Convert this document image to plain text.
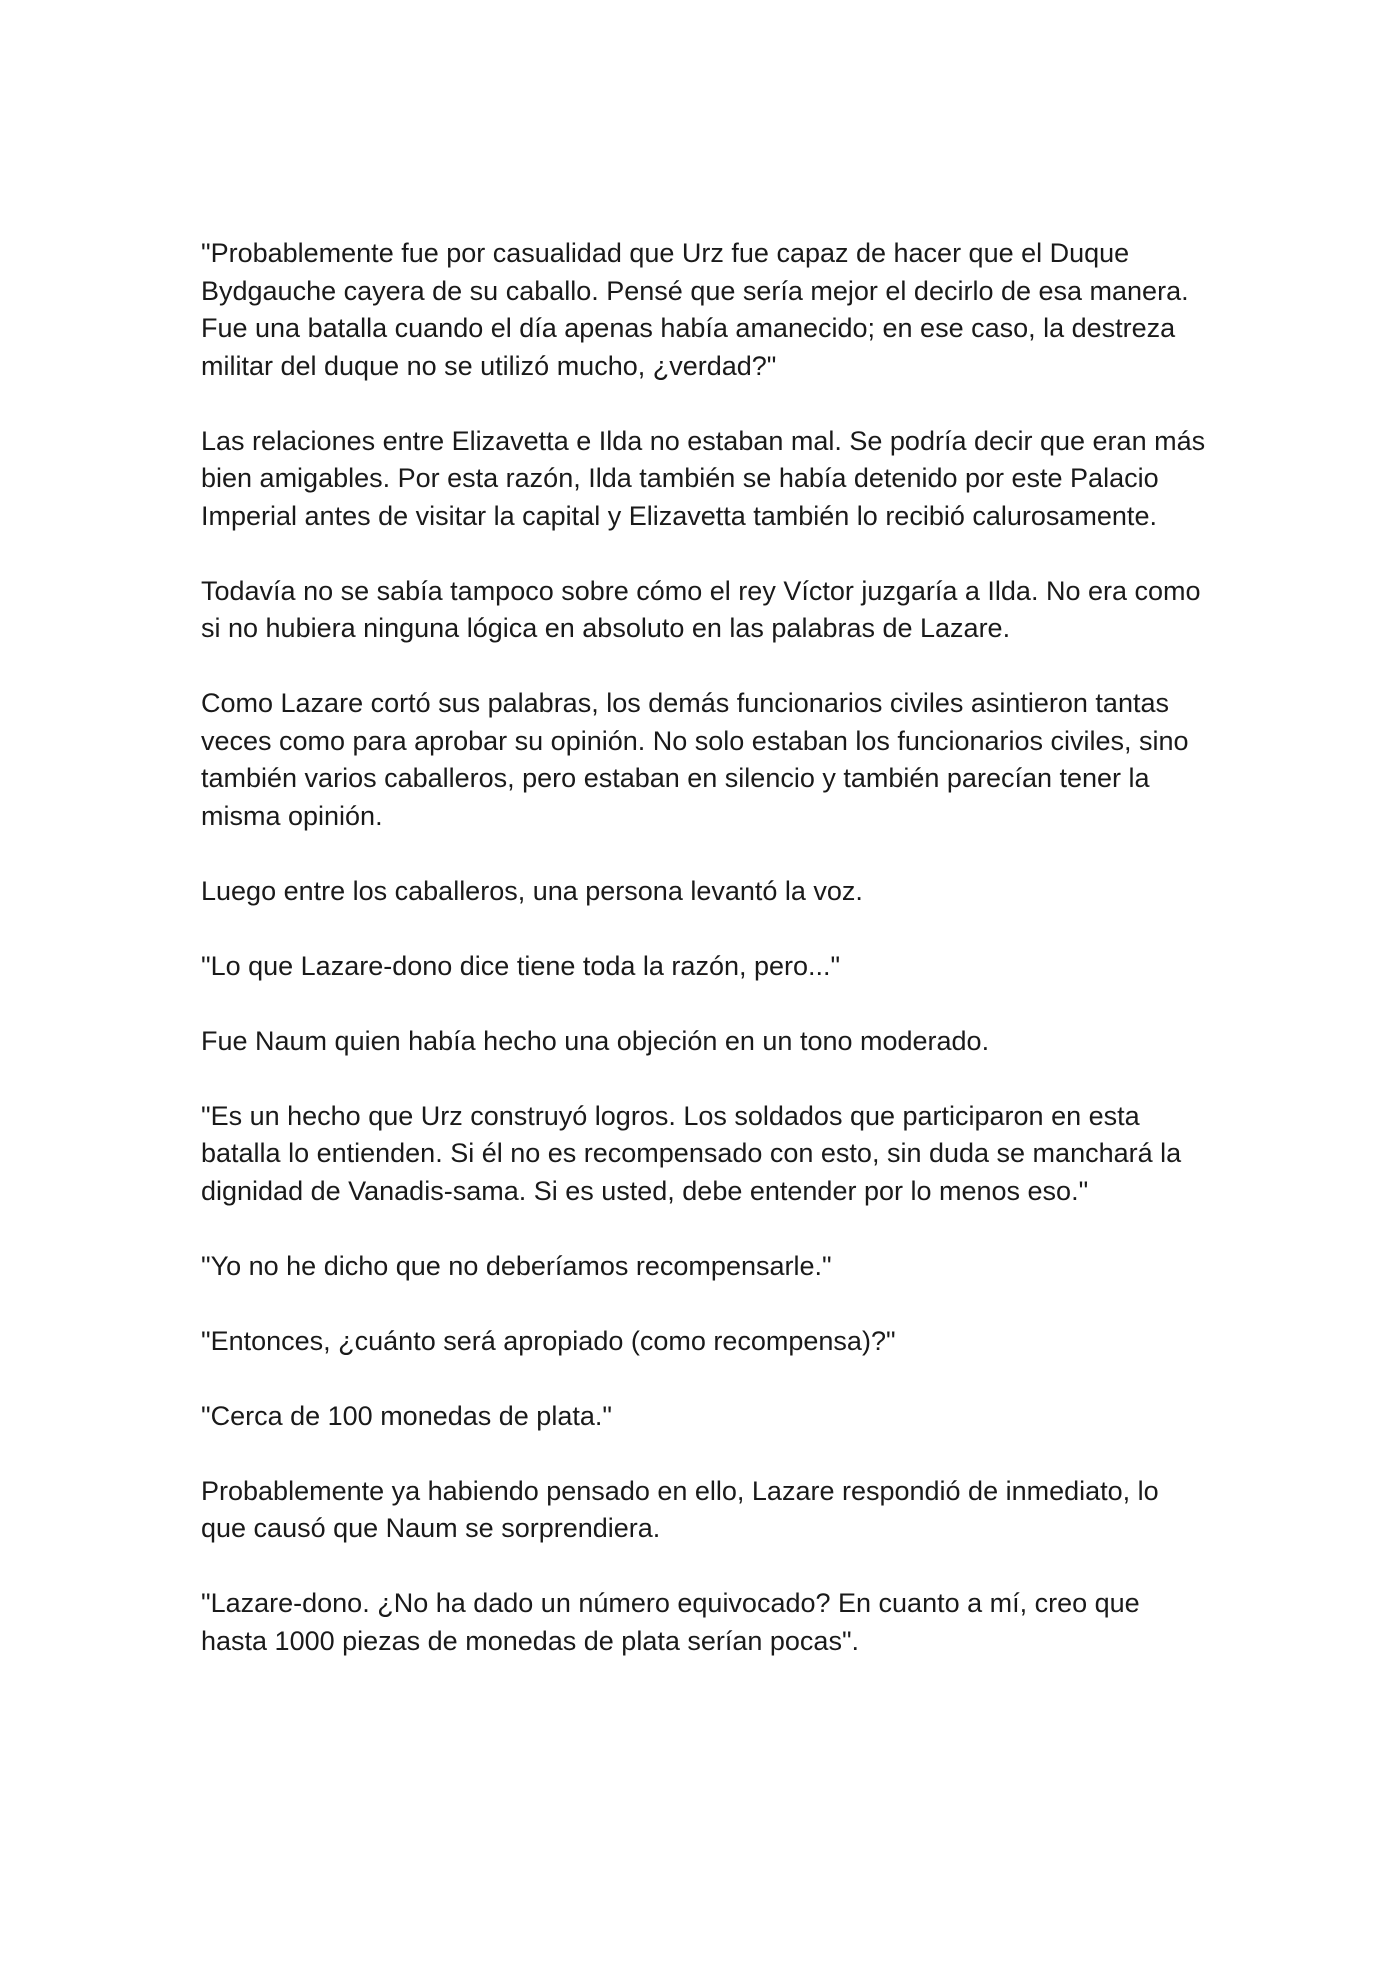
"Probablemente fue por casualidad que Urz fue capaz de hacer que el Duque Bydgauche cayera de su caballo. Pensé que sería mejor el decirlo de esa manera. Fue una batalla cuando el día apenas había amanecido; en ese caso, la destreza militar del duque no se utilizó mucho, ¿verdad?"

Las relaciones entre Elizavetta e Ilda no estaban mal. Se podría decir que eran más bien amigables. Por esta razón, Ilda también se había detenido por este Palacio Imperial antes de visitar la capital y Elizavetta también lo recibió calurosamente.

Todavía no se sabía tampoco sobre cómo el rey Víctor juzgaría a Ilda. No era como si no hubiera ninguna lógica en absoluto en las palabras de Lazare.

Como Lazare cortó sus palabras, los demás funcionarios civiles asintieron tantas veces como para aprobar su opinión. No solo estaban los funcionarios civiles, sino también varios caballeros, pero estaban en silencio y también parecían tener la misma opinión.

Luego entre los caballeros, una persona levantó la voz.

"Lo que Lazare-dono dice tiene toda la razón, pero..."

Fue Naum quien había hecho una objeción en un tono moderado.

"Es un hecho que Urz construyó logros. Los soldados que participaron en esta batalla lo entienden. Si él no es recompensado con esto, sin duda se manchará la dignidad de Vanadis-sama. Si es usted, debe entender por lo menos eso."

"Yo no he dicho que no deberíamos recompensarle."

"Entonces, ¿cuánto será apropiado (como recompensa)?"

"Cerca de 100 monedas de plata."

Probablemente ya habiendo pensado en ello, Lazare respondió de inmediato, lo que causó que Naum se sorprendiera.

"Lazare-dono. ¿No ha dado un número equivocado? En cuanto a mí, creo que hasta 1000 piezas de monedas de plata serían pocas".
